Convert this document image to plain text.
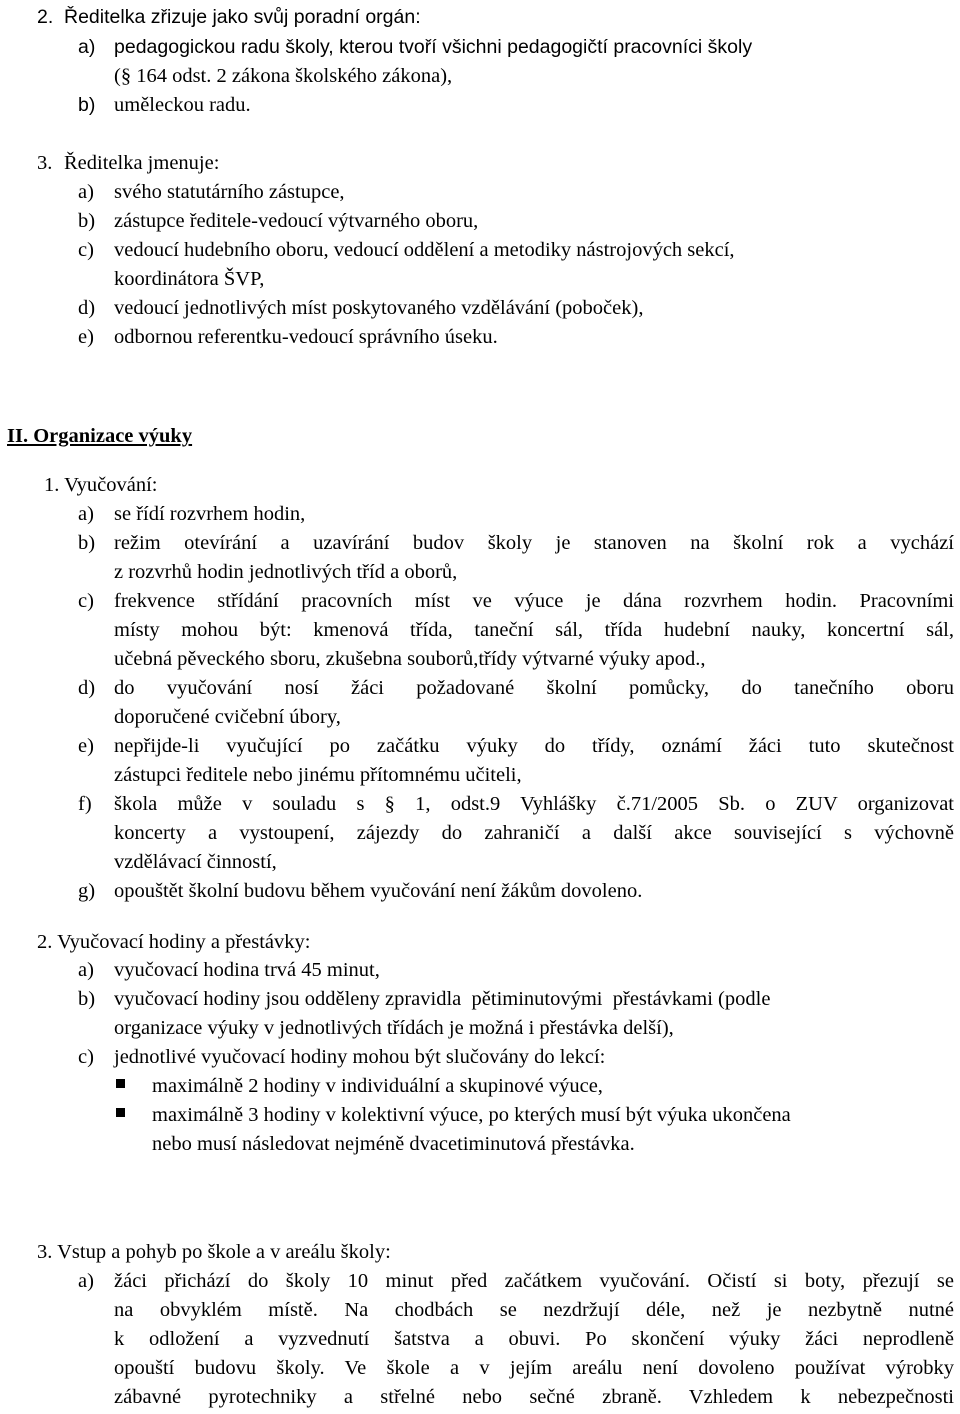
2. Ředitelka zřizuje jako svůj poradní orgán:
a) pedagogickou radu školy, kterou tvoří všichni pedagogičtí pracovníci školy
(§ 164 odst. 2 zákona školského zákona),
b) uměleckou radu.
3. Ředitelka jmenuje:
a) svého statutárního zástupce,
b) zástupce ředitele-vedoucí výtvarného oboru,
c) vedoucí hudebního oboru, vedoucí oddělení a metodiky nástrojových sekcí,
koordinátora ŠVP,
d) vedoucí jednotlivých míst poskytovaného vzdělávání (poboček),
e) odbornou referentku-vedoucí správního úseku.
II. Organizace výuky
1. Vyučování:
a) se řídí rozvrhem hodin,
b) režim otevírání a uzavírání budov školy je stanoven na školní rok a vychází
z rozvrhů hodin jednotlivých tříd a oborů,
c) frekvence střídání pracovních míst ve výuce je dána rozvrhem hodin. Pracovními
místy mohou být: kmenová třída, taneční sál, třída hudební nauky, koncertní sál,
učebná pěveckého sboru, zkušebna souborů,třídy výtvarné výuky apod.,
d) do vyučování nosí žáci požadované školní pomůcky, do tanečního oboru
doporučené cvičební úbory,
e) nepřijde-li vyučující po začátku výuky do třídy, oznámí žáci tuto skutečnost
zástupci ředitele nebo jinému přítomnému učiteli,
f) škola může v souladu s § 1, odst.9 Vyhlášky č.71/2005 Sb. o ZUV organizovat
koncerty a vystoupení, zájezdy do zahraničí a další akce související s výchovně
vzdělávací činností,
g) opouštět školní budovu během vyučování není žákům dovoleno.
2. Vyučovací hodiny a přestávky:
a) vyučovací hodina trvá 45 minut,
b) vyučovací hodiny jsou odděleny zpravidla  pětiminutovými  přestávkami (podle
organizace výuky v jednotlivých třídách je možná i přestávka delší),
c) jednotlivé vyučovací hodiny mohou být slučovány do lekcí:
maximálně 2 hodiny v individuální a skupinové výuce,
maximálně 3 hodiny v kolektivní výuce, po kterých musí být výuka ukončena
nebo musí následovat nejméně dvacetiminutová přestávka.
3. Vstup a pohyb po škole a v areálu školy:
a) žáci přichází do školy 10 minut před začátkem vyučování. Očistí si boty, přezují se
na obvyklém místě. Na chodbách se nezdržují déle, než je nezbytně nutné
k odložení a vyzvednutí šatstva a obuvi. Po skončení výuky žáci neprodleně
opouští budovu školy. Ve škole a v jejím areálu není dovoleno používat výrobky
zábavné pyrotechniky a střelné nebo sečné zbraně. Vzhledem k nebezpečnosti
